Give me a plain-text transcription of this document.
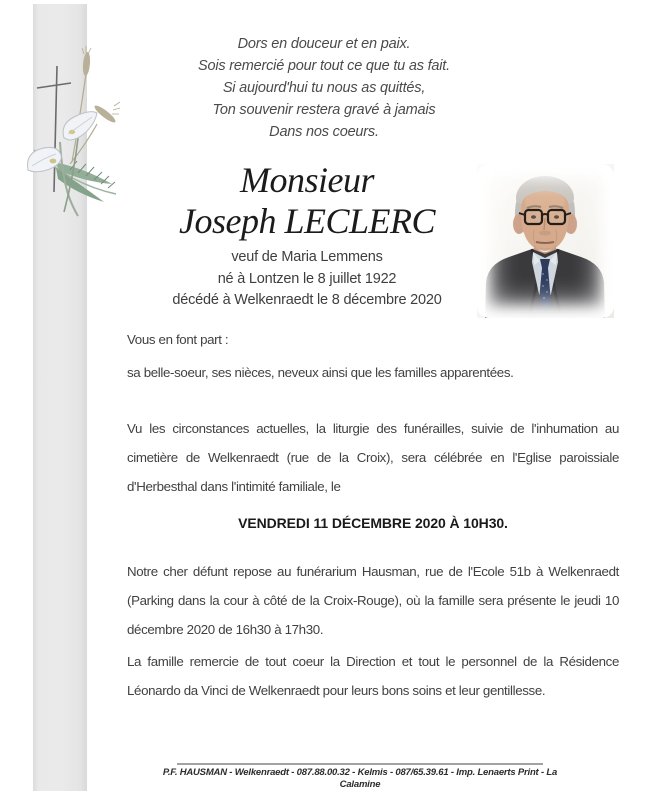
Dors en douceur et en paix.
Sois remercié pour tout ce que tu as fait.
Si aujourd'hui tu nous as quittés,
Ton souvenir restera gravé à jamais
Dans nos coeurs.
Monsieur
Joseph LECLERC
veuf de Maria Lemmens
né à Lontzen le 8 juillet 1922
décédé à Welkenraedt le 8 décembre 2020

Vous en font part :

sa belle-soeur, ses nièces, neveux ainsi que les familles apparentées.

Vu les circonstances actuelles, la liturgie des funérailles, suivie de l'inhumation au cimetière de Welkenraedt (rue de la Croix), sera célébrée en l'Eglise paroissiale d'Herbesthal dans l'intimité familiale, le

VENDREDI 11 DÉCEMBRE 2020 À 10H30.

Notre cher défunt repose au funérarium Hausman, rue de l'Ecole 51b à Welkenraedt (Parking dans la cour à côté de la Croix-Rouge), où la famille sera présente le jeudi 10 décembre 2020 de 16h30 à 17h30.

La famille remercie de tout coeur la Direction et tout le personnel de la Résidence Léonardo da Vinci de Welkenraedt pour leurs bons soins et leur gentillesse.

P.F. HAUSMAN - Welkenraedt - 087.88.00.32 - Kelmis - 087/65.39.61 - Imp. Lenaerts Print - La Calamine
